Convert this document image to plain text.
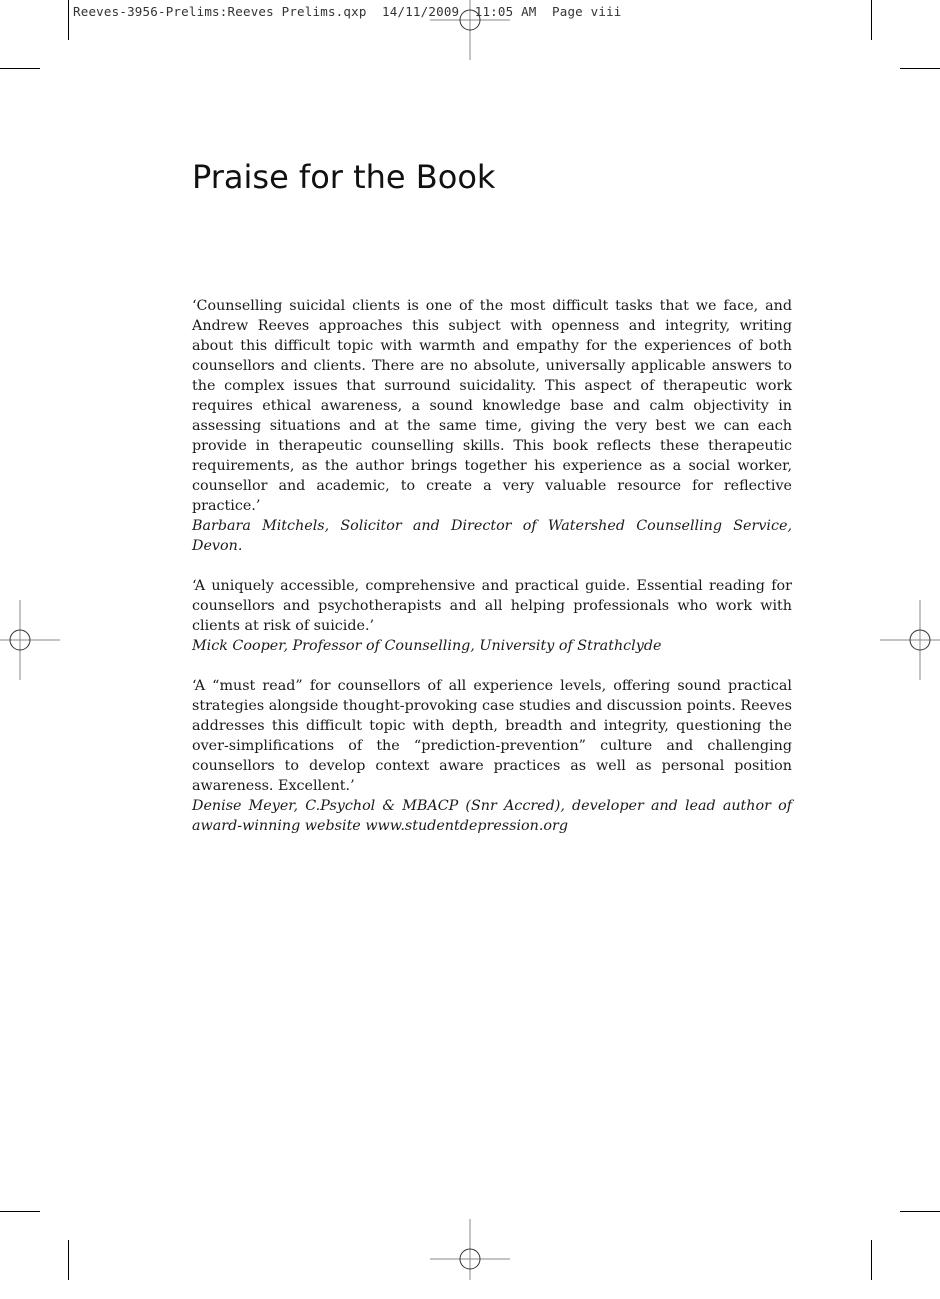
Reeves-3956-Prelims:Reeves Prelims.qxp  14/11/2009  11:05 AM  Page viii
Praise for the Book

‘Counselling suicidal clients is one of the most difficult tasks that we face, and Andrew Reeves approaches this subject with openness and integrity, writing about this difficult topic with warmth and empathy for the experiences of both counsellors and clients. There are no absolute, universally applicable answers to the complex issues that surround suicidality. This aspect of therapeutic work requires ethical awareness, a sound knowledge base and calm objectivity in assessing situations and at the same time, giving the very best we can each provide in therapeutic counselling skills. This book reflects these therapeutic requirements, as the author brings together his experience as a social worker, counsellor and academic, to create a very valuable resource for reflective practice.’

Barbara Mitchels, Solicitor and Director of Watershed Counselling Service, Devon.

‘A uniquely accessible, comprehensive and practical guide. Essential reading for counsellors and psychotherapists and all helping professionals who work with clients at risk of suicide.’

Mick Cooper, Professor of Counselling, University of Strathclyde

‘A “must read” for counsellors of all experience levels, offering sound practical strategies alongside thought-provoking case studies and discussion points. Reeves addresses this difficult topic with depth, breadth and integrity, questioning the over-simplifications of the “prediction-prevention” culture and challenging counsellors to develop context aware practices as well as personal position awareness. Excellent.’

Denise Meyer, C.Psychol & MBACP (Snr Accred), developer and lead author of award-winning website www.studentdepression.org
